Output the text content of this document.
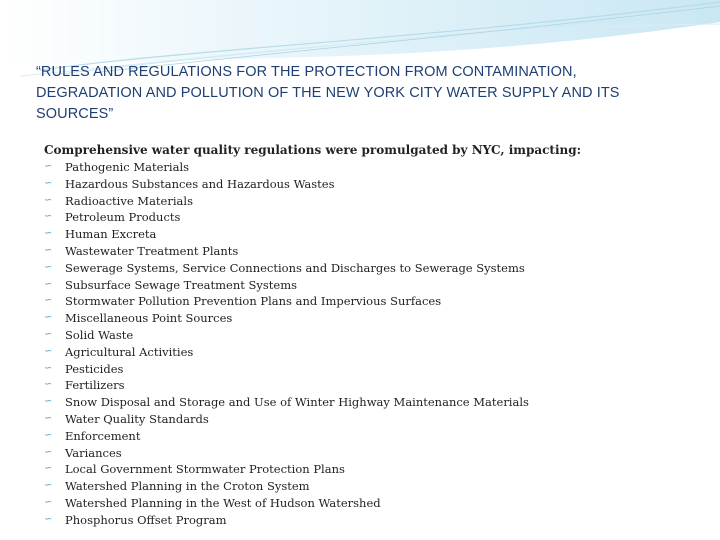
“RULES AND REGULATIONS FOR THE PROTECTION FROM CONTAMINATION, DEGRADATION AND POLLUTION OF THE NEW YORK CITY WATER SUPPLY AND ITS SOURCES”
Comprehensive water quality regulations were promulgated by NYC, impacting:
∽	Pathogenic Materials
∽	Hazardous Substances and Hazardous Wastes
∽	Radioactive Materials
∽	Petroleum Products
∽	Human Excreta
∽	Wastewater Treatment Plants
∽	Sewerage Systems, Service Connections and Discharges to Sewerage Systems
∽	Subsurface Sewage Treatment Systems
∽	Stormwater Pollution Prevention Plans and Impervious Surfaces
∽	Miscellaneous Point Sources
∽	Solid Waste
∽	Agricultural Activities
∽	Pesticides
∽	Fertilizers
∽	Snow Disposal and Storage and Use of Winter Highway Maintenance Materials
∽	Water Quality Standards
∽	Enforcement
∽	Variances
∽	Local Government Stormwater Protection Plans
∽	Watershed Planning in the Croton System
∽	Watershed Planning in the West of Hudson Watershed
∽	Phosphorus Offset Program
